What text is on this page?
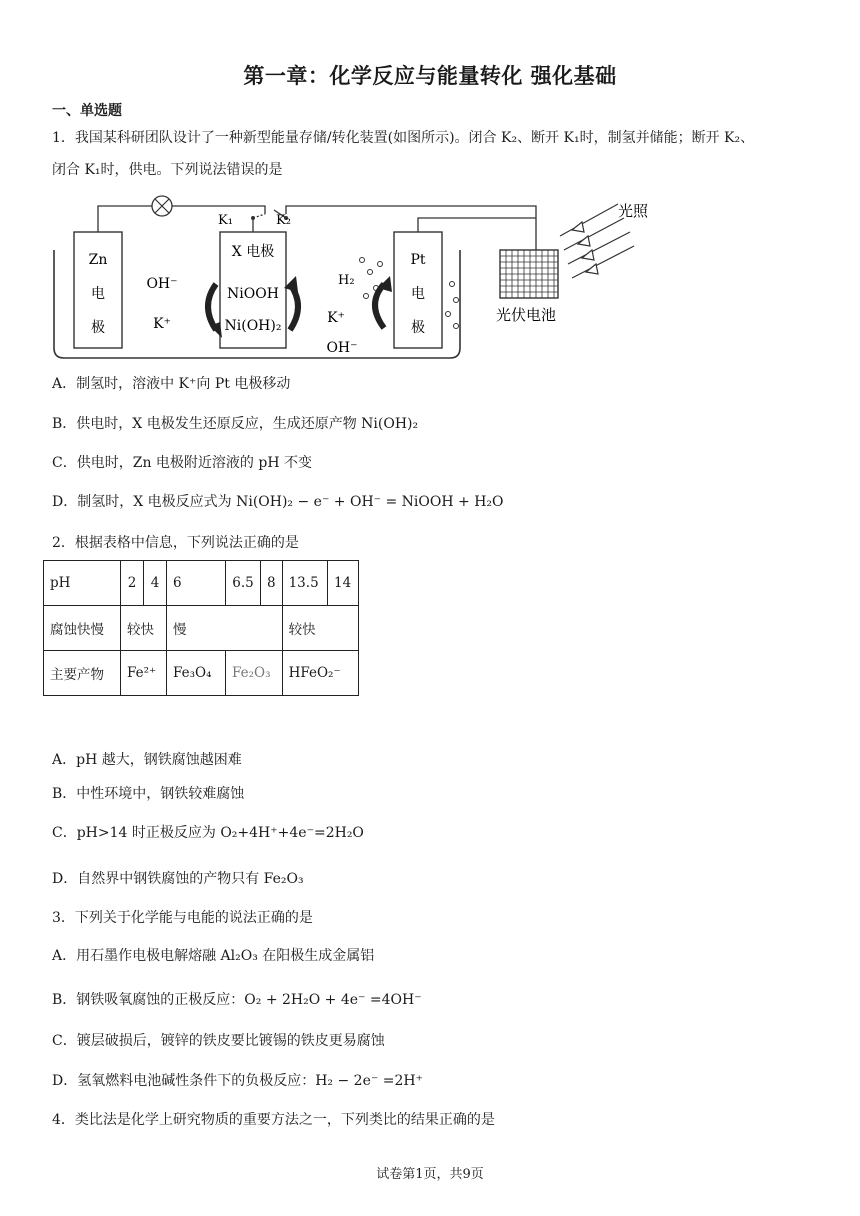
第一章：化学反应与能量转化 强化基础
一、单选题
1．我国某科研团队设计了一种新型能量存储/转化装置(如图所示)。闭合 K₂、断开 K₁时，制氢并储能；断开 K₂、
闭合 K₁时，供电。下列说法错误的是
K₁	K₂
Zn
电
极
OH⁻
K⁺
X 电极
NiOOH
Ni(OH)₂
H₂
K⁺
OH⁻
Pt
电
极
光伏电池
光照
A．制氢时，溶液中 K⁺向 Pt 电极移动
B．供电时，X 电极发生还原反应，生成还原产物 Ni(OH)₂
C．供电时，Zn 电极附近溶液的 pH 不变
D．制氢时，X 电极反应式为 Ni(OH)₂ − e⁻ + OH⁻ = NiOOH + H₂O
2．根据表格中信息，下列说法正确的是
pH	2	4	6	6.5	8	13.5	14
腐蚀快慢	较快		慢			较快	
主要产物	Fe²⁺		Fe₃O₄	Fe₂O₃		HFeO₂⁻	
A．pH 越大，钢铁腐蚀越困难
B．中性环境中，钢铁较难腐蚀
C．pH>14 时正极反应为 O₂+4H⁺+4e⁻=2H₂O
D．自然界中钢铁腐蚀的产物只有 Fe₂O₃
3．下列关于化学能与电能的说法正确的是
A．用石墨作电极电解熔融 Al₂O₃ 在阳极生成金属铝
B．钢铁吸氧腐蚀的正极反应：O₂ + 2H₂O + 4e⁻ =4OH⁻
C．镀层破损后，镀锌的铁皮要比镀锡的铁皮更易腐蚀
D．氢氧燃料电池碱性条件下的负极反应：H₂ − 2e⁻ =2H⁺
4．类比法是化学上研究物质的重要方法之一，下列类比的结果正确的是
试卷第1页，共9页
